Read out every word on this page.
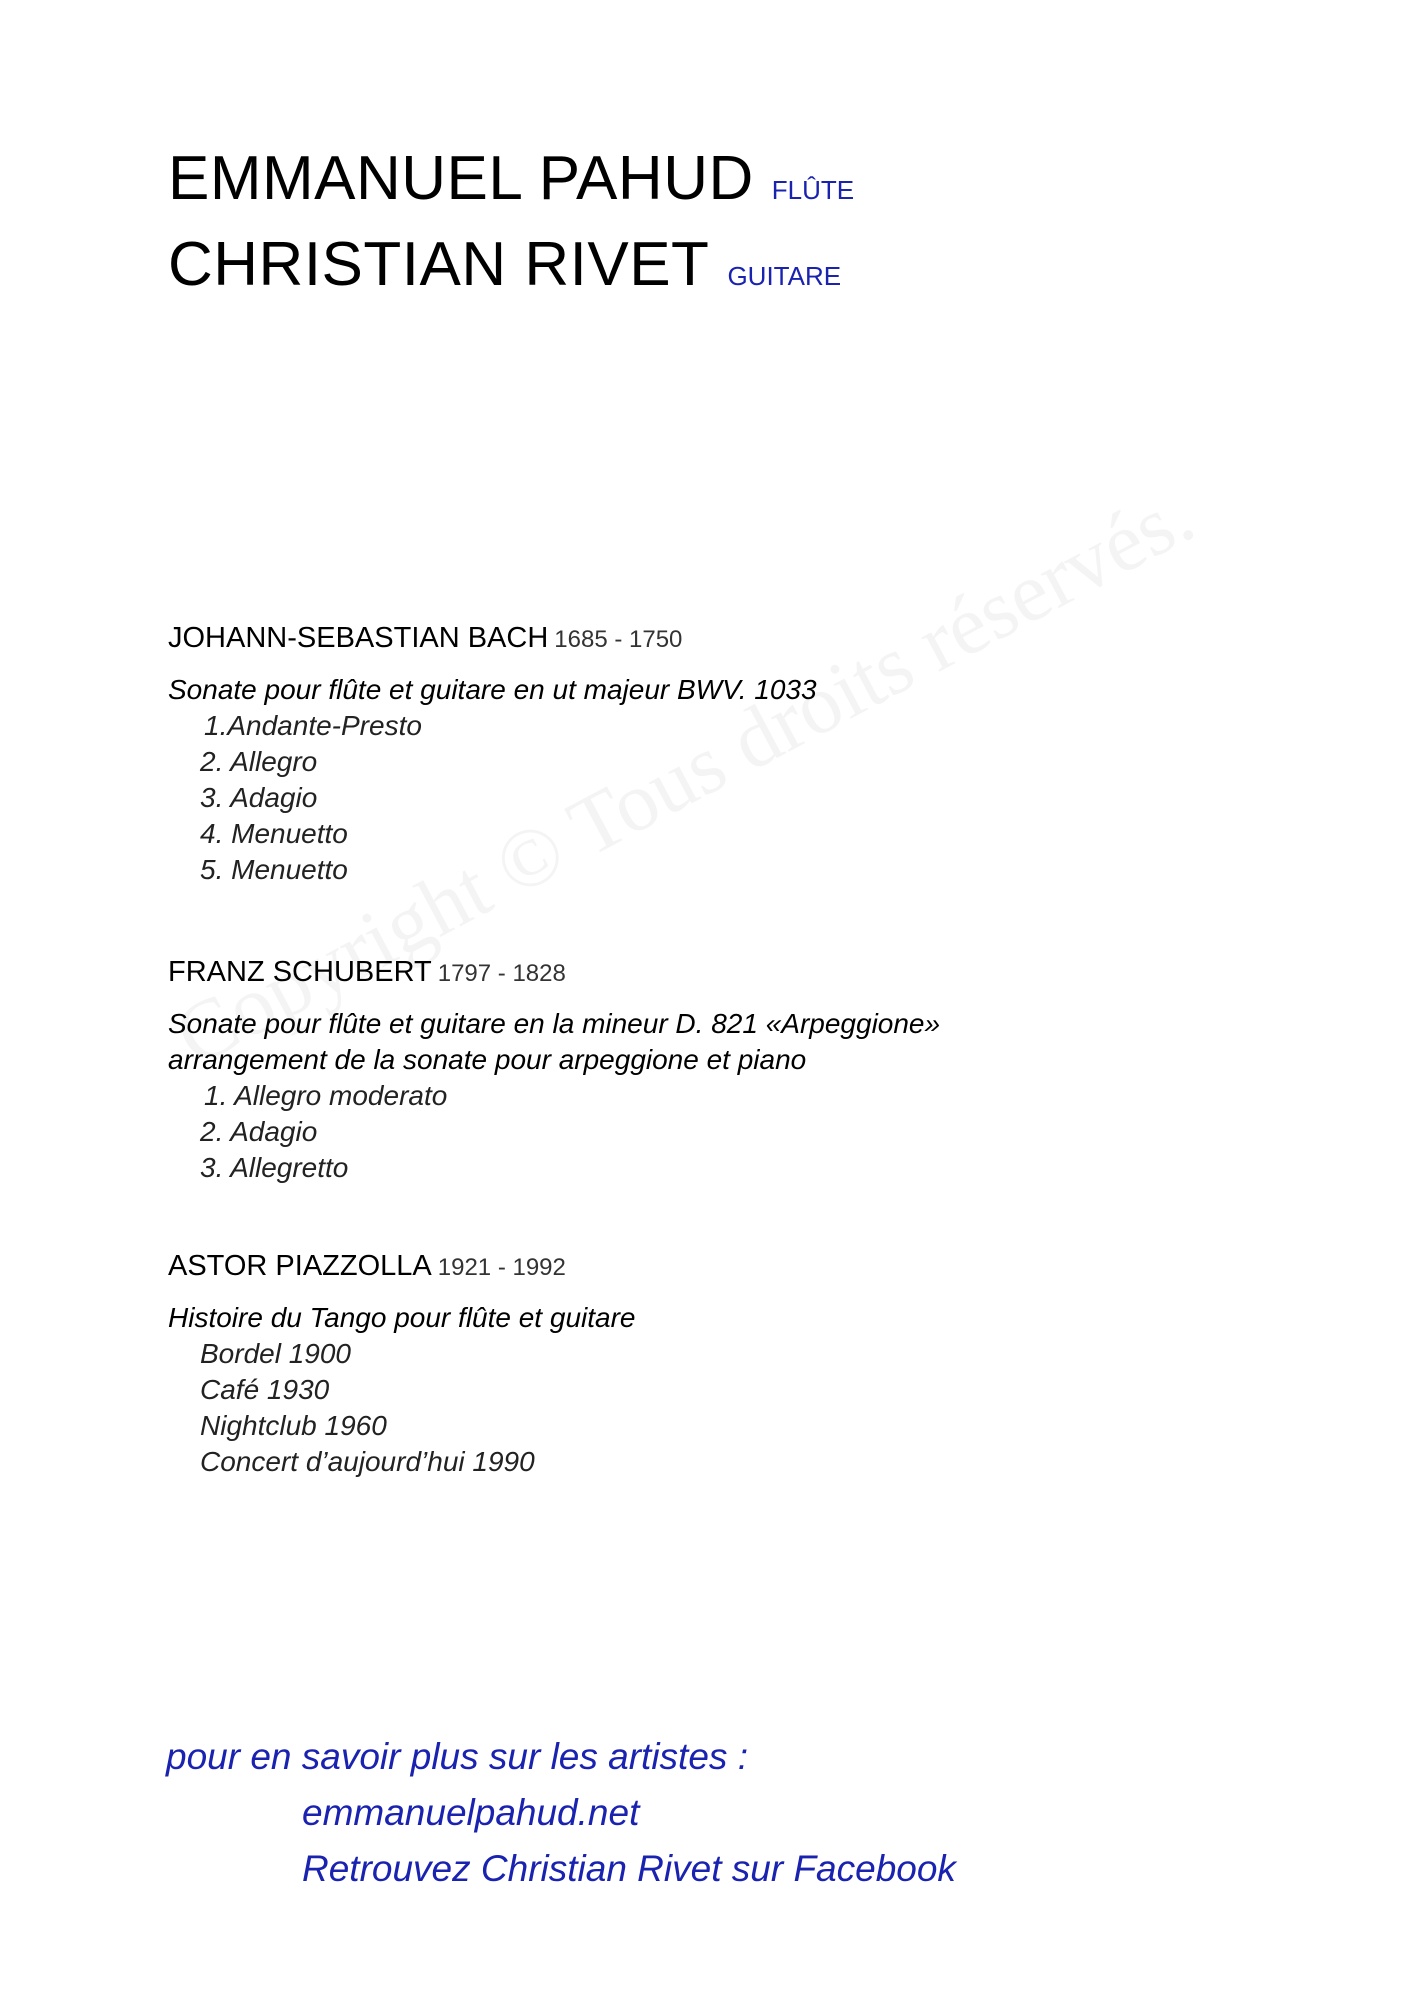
EMMANUEL PAHUD FLÛTE
CHRISTIAN RIVET GUITARE
JOHANN-SEBASTIAN BACH 1685 - 1750
Sonate pour flûte et guitare en ut majeur BWV. 1033
1.Andante-Presto
2. Allegro
3. Adagio
4. Menuetto
5. Menuetto
FRANZ SCHUBERT 1797 - 1828
Sonate pour flûte et guitare en la mineur D. 821 «Arpeggione»
arrangement de la sonate pour arpeggione et piano
1. Allegro moderato
2. Adagio
3. Allegretto
ASTOR PIAZZOLLA 1921 - 1992
Histoire du Tango pour flûte et guitare
Bordel 1900
Café 1930
Nightclub 1960
Concert d’aujourd’hui 1990
pour en savoir plus sur les artistes :
emmanuelpahud.net
Retrouvez Christian Rivet sur Facebook
